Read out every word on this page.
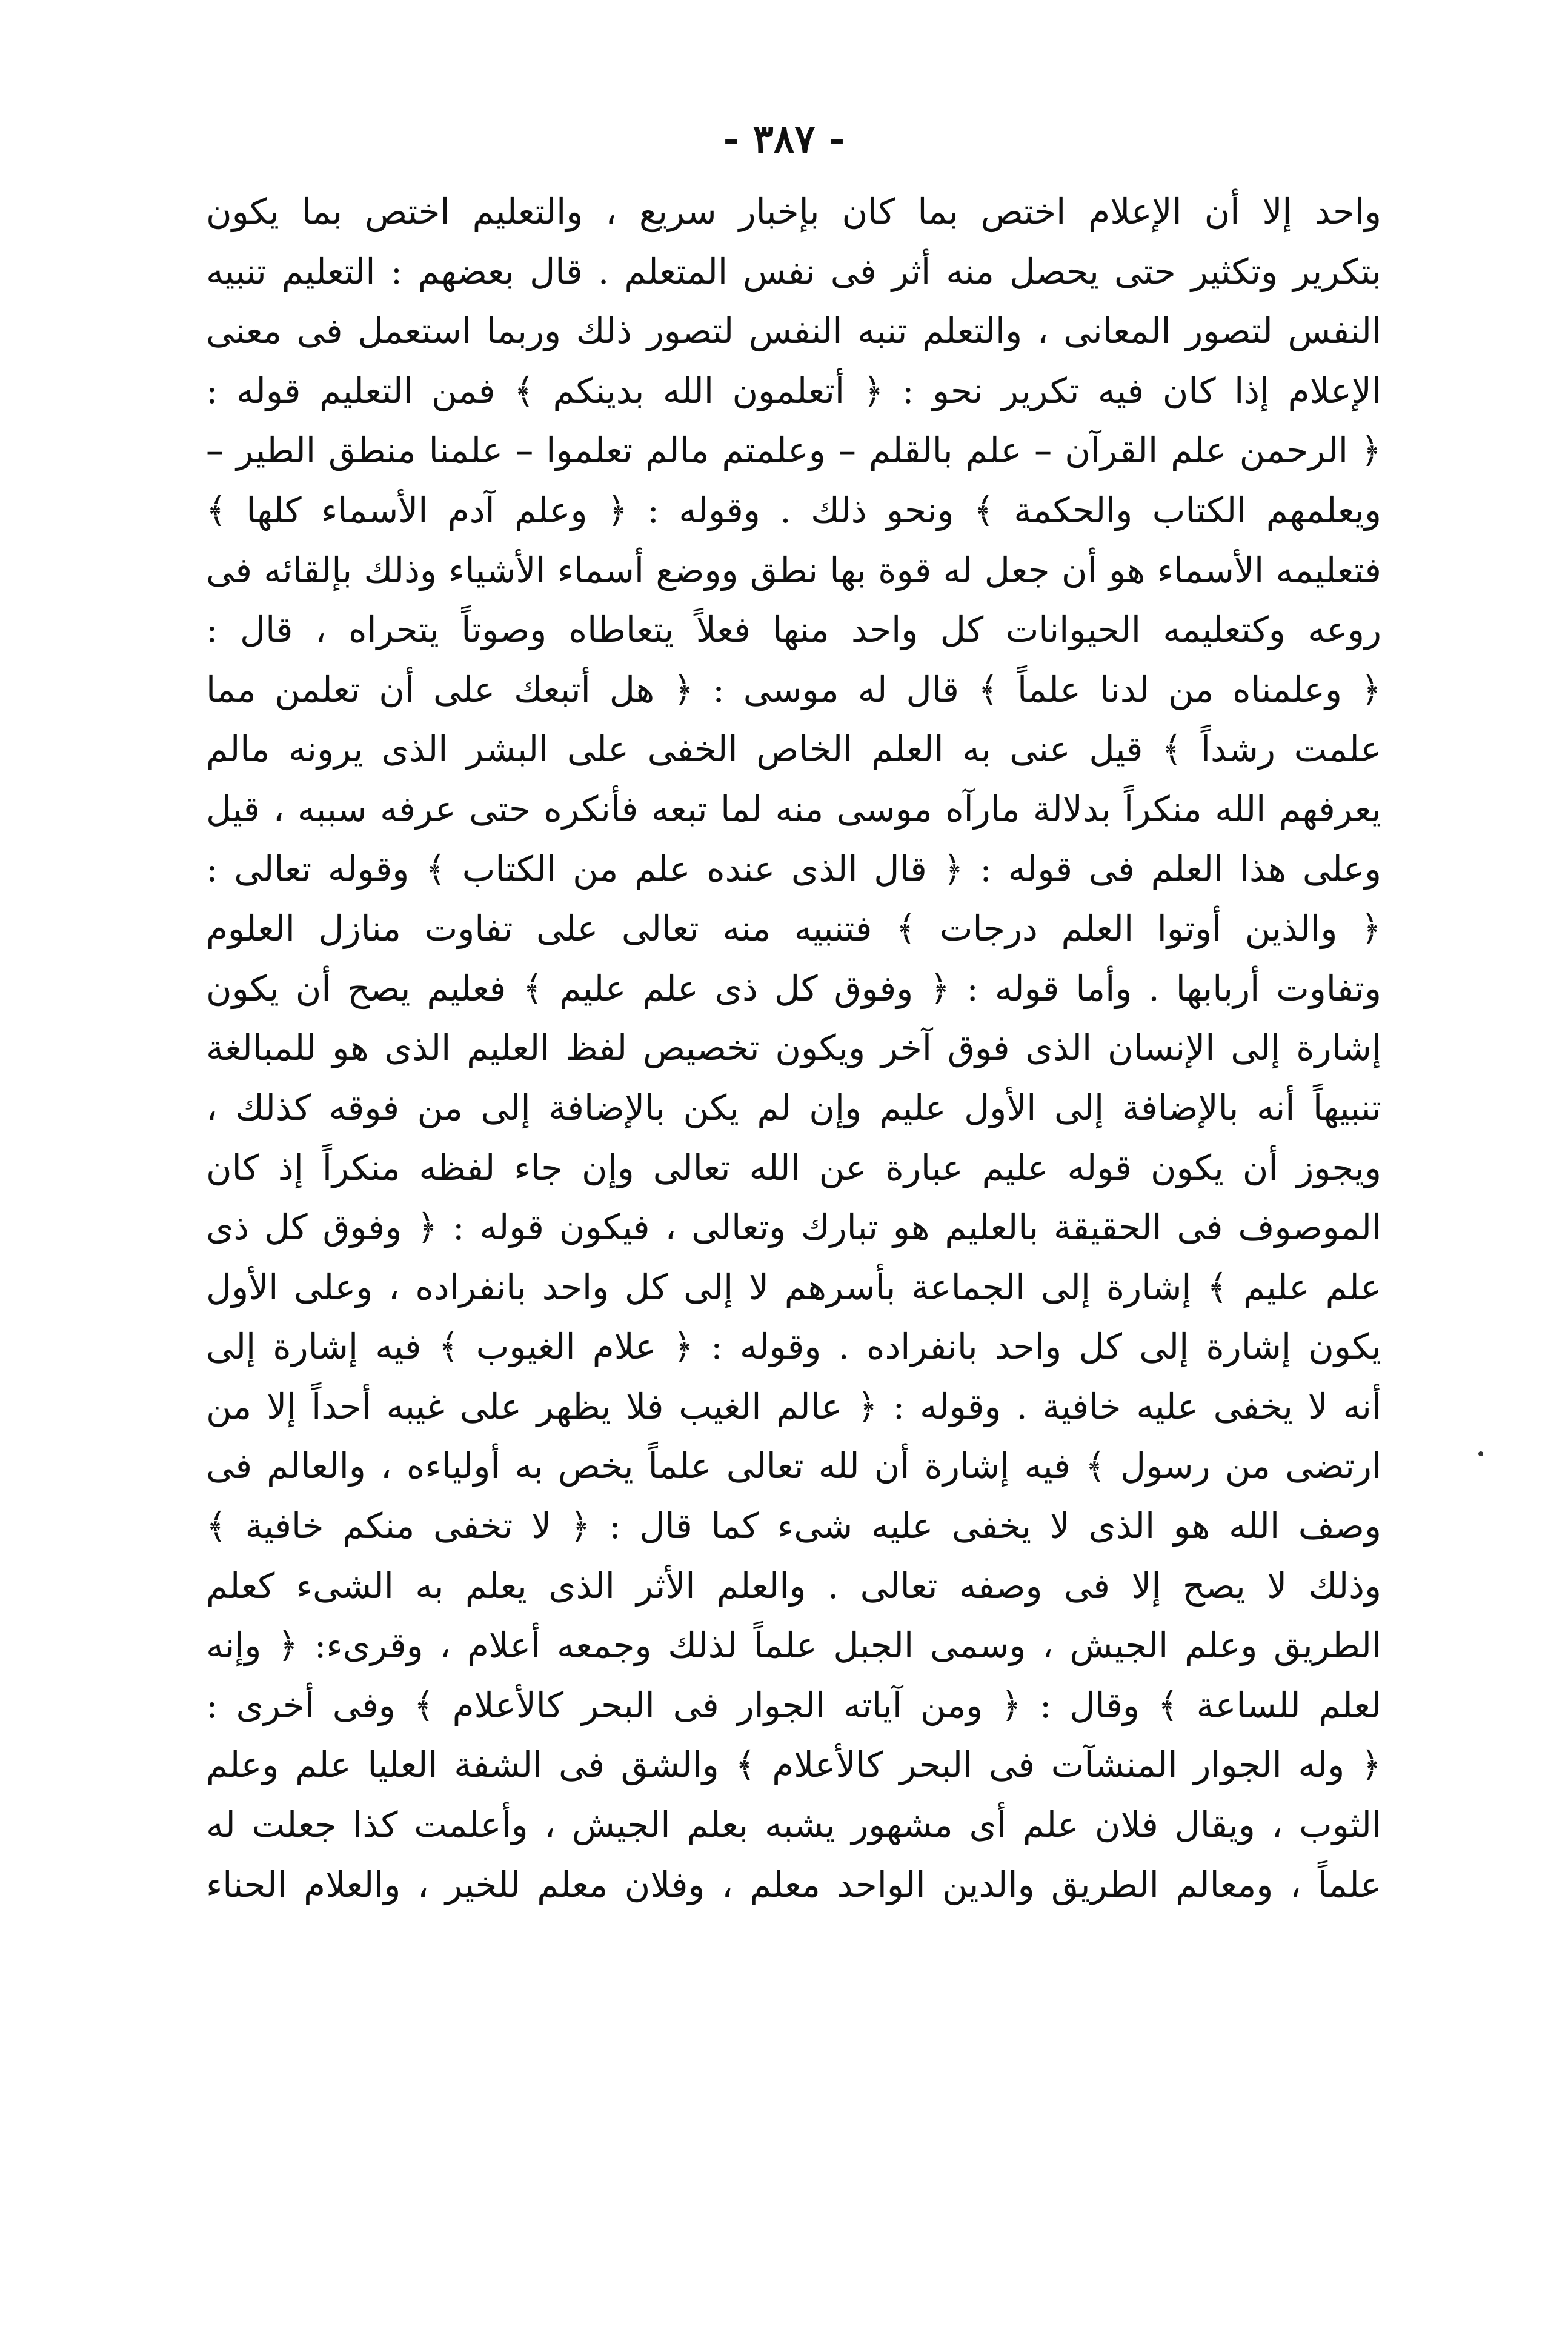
- ٣٨٧ -
واحد إلا أن الإعلام اختص بما كان بإخبار سريع ، والتعليم اختص بما يكون
بتكرير وتكثير حتى يحصل منه أثر فى نفس المتعلم . قال بعضهم : التعليم تنبيه
النفس لتصور المعانى ، والتعلم تنبه النفس لتصور ذلك وربما استعمل فى معنى
الإعلام إذا كان فيه تكرير نحو : ﴿ أتعلمون الله بدينكم ﴾ فمن التعليم قوله :
﴿ الرحمن علم القرآن – علم بالقلم – وعلمتم مالم تعلموا – علمنا منطق الطير –
ويعلمهم الكتاب والحكمة ﴾ ونحو ذلك . وقوله : ﴿ وعلم آدم الأسماء كلها ﴾
فتعليمه الأسماء هو أن جعل له قوة بها نطق ووضع أسماء الأشياء وذلك بإلقائه فى
روعه وكتعليمه الحيوانات كل واحد منها فعلاً يتعاطاه وصوتاً يتحراه ، قال :
﴿ وعلمناه من لدنا علماً ﴾ قال له موسى : ﴿ هل أتبعك على أن تعلمن مما
علمت رشداً ﴾ قيل عنى به العلم الخاص الخفى على البشر الذى يرونه مالم
يعرفهم الله منكراً بدلالة مارآه موسى منه لما تبعه فأنكره حتى عرفه سببه ، قيل
وعلى هذا العلم فى قوله : ﴿ قال الذى عنده علم من الكتاب ﴾ وقوله تعالى :
﴿ والذين أوتوا العلم درجات ﴾ فتنبيه منه تعالى على تفاوت منازل العلوم
وتفاوت أربابها . وأما قوله : ﴿ وفوق كل ذى علم عليم ﴾ فعليم يصح أن يكون
إشارة إلى الإنسان الذى فوق آخر ويكون تخصيص لفظ العليم الذى هو للمبالغة
تنبيهاً أنه بالإضافة إلى الأول عليم وإن لم يكن بالإضافة إلى من فوقه كذلك ،
ويجوز أن يكون قوله عليم عبارة عن الله تعالى وإن جاء لفظه منكراً إذ كان
الموصوف فى الحقيقة بالعليم هو تبارك وتعالى ، فيكون قوله : ﴿ وفوق كل ذى
علم عليم ﴾ إشارة إلى الجماعة بأسرهم لا إلى كل واحد بانفراده ، وعلى الأول
يكون إشارة إلى كل واحد بانفراده . وقوله : ﴿ علام الغيوب ﴾ فيه إشارة إلى
أنه لا يخفى عليه خافية . وقوله : ﴿ عالم الغيب فلا يظهر على غيبه أحداً إلا من
ارتضى من رسول ﴾ فيه إشارة أن لله تعالى علماً يخص به أولياءه ، والعالم فى
وصف الله هو الذى لا يخفى عليه شىء كما قال : ﴿ لا تخفى منكم خافية ﴾
وذلك لا يصح إلا فى وصفه تعالى . والعلم الأثر الذى يعلم به الشىء كعلم
الطريق وعلم الجيش ، وسمى الجبل علماً لذلك وجمعه أعلام ، وقرىء: ﴿ وإنه
لعلم للساعة ﴾ وقال : ﴿ ومن آياته الجوار فى البحر كالأعلام ﴾ وفى أخرى :
﴿ وله الجوار المنشآت فى البحر كالأعلام ﴾ والشق فى الشفة العليا علم وعلم
الثوب ، ويقال فلان علم أى مشهور يشبه بعلم الجيش ، وأعلمت كذا جعلت له
علماً ، ومعالم الطريق والدين الواحد معلم ، وفلان معلم للخير ، والعلام الحناء
